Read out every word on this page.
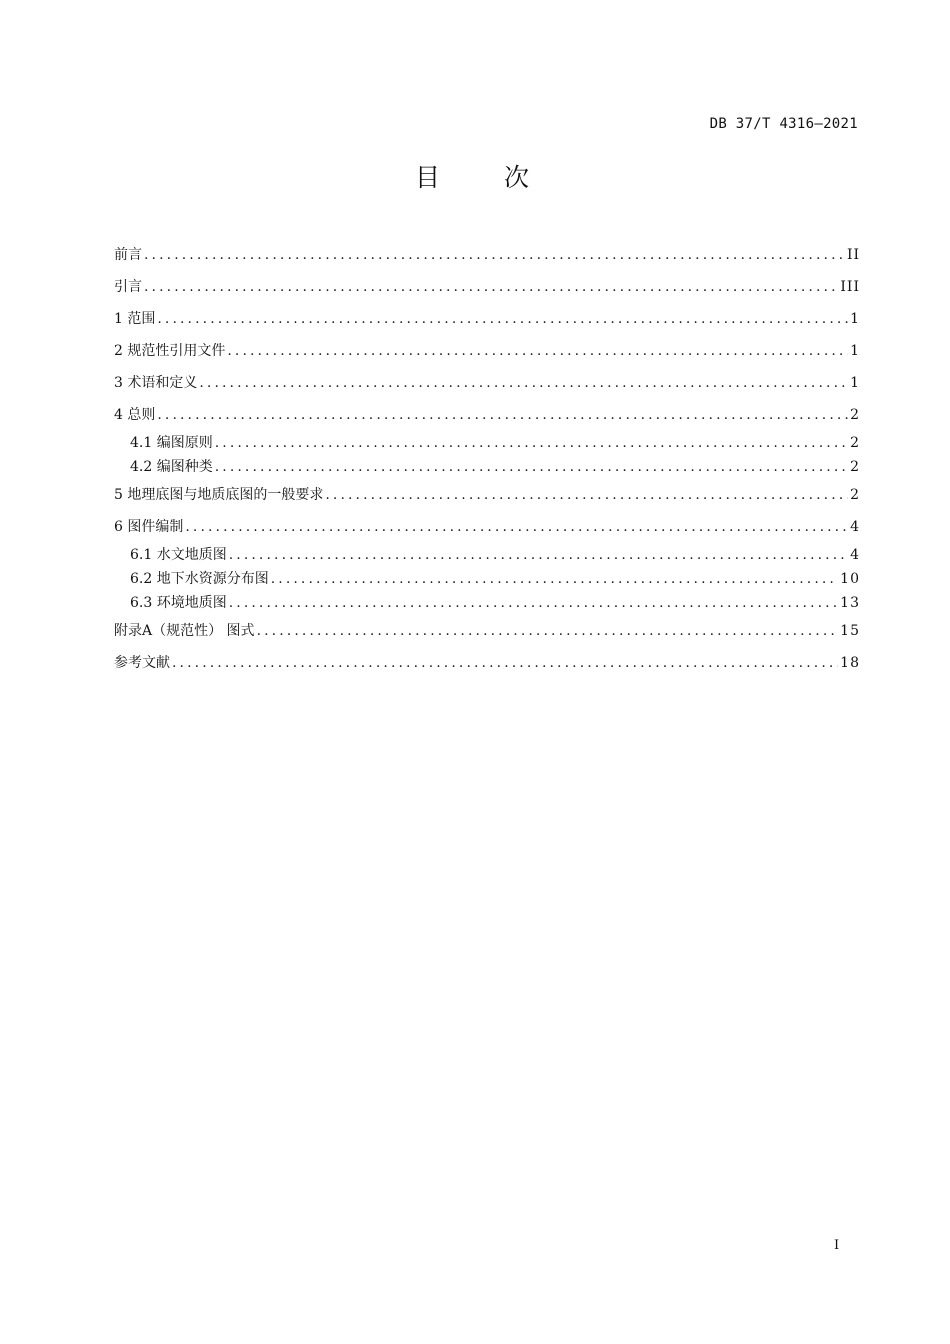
DB 37/T 4316—2021
目 次
前言 .....	II
引言 .....	III
1 范围 .....	1
2 规范性引用文件 .....	1
3 术语和定义 .....	1
4 总则 .....	2
4.1 编图原则 .....	2
4.2 编图种类 .....	2
5 地理底图与地质底图的一般要求 .....	2
6 图件编制 .....	4
6.1 水文地质图 .....	4
6.2 地下水资源分布图 .....	10
6.3 环境地质图 .....	13
附录A（规范性） 图式 .....	15
参考文献 .....	18
I
